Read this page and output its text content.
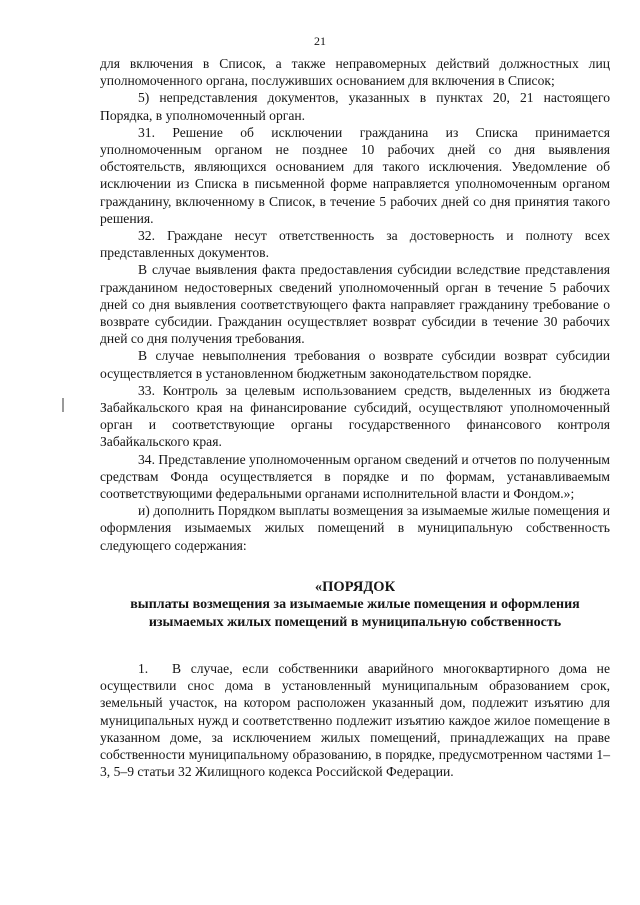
21

для включения в Список, а также неправомерных действий должностных лиц уполномоченного органа, послуживших основанием для включения в Список;

5) непредставления документов, указанных в пунктах 20, 21 настоящего Порядка, в уполномоченный орган.

31. Решение об исключении гражданина из Списка принимается уполномоченным органом не позднее 10 рабочих дней со дня выявления обстоятельств, являющихся основанием для такого исключения. Уведомление об исключении из Списка в письменной форме направляется уполномоченным органом гражданину, включенному в Список, в течение 5 рабочих дней со дня принятия такого решения.

32. Граждане несут ответственность за достоверность и полноту всех представленных документов.

В случае выявления факта предоставления субсидии вследствие представления гражданином недостоверных сведений уполномоченный орган в течение 5 рабочих дней со дня выявления соответствующего факта направляет гражданину требование о возврате субсидии. Гражданин осуществляет возврат субсидии в течение 30 рабочих дней со дня получения требования.

В случае невыполнения требования о возврате субсидии возврат субсидии осуществляется в установленном бюджетным законодательством порядке.

33. Контроль за целевым использованием средств, выделенных из бюджета Забайкальского края на финансирование субсидий, осуществляют уполномоченный орган и соответствующие органы государственного финансового контроля Забайкальского края.

34. Представление уполномоченным органом сведений и отчетов по полученным средствам Фонда осуществляется в порядке и по формам, устанавливаемым соответствующими федеральными органами исполнительной власти и Фондом.»;

и) дополнить Порядком выплаты возмещения за изымаемые жилые помещения и оформления изымаемых жилых помещений в муниципальную собственность следующего содержания:

«ПОРЯДОК

выплаты возмещения за изымаемые жилые помещения и оформления

изымаемых жилых помещений в муниципальную собственность

1. В случае, если собственники аварийного многоквартирного дома не осуществили снос дома в установленный муниципальным образованием срок, земельный участок, на котором расположен указанный дом, подлежит изъятию для муниципальных нужд и соответственно подлежит изъятию каждое жилое помещение в указанном доме, за исключением жилых помещений, принадлежащих на праве собственности муниципальному образованию, в порядке, предусмотренном частями 1–3, 5–9 статьи 32 Жилищного кодекса Российской Федерации.
